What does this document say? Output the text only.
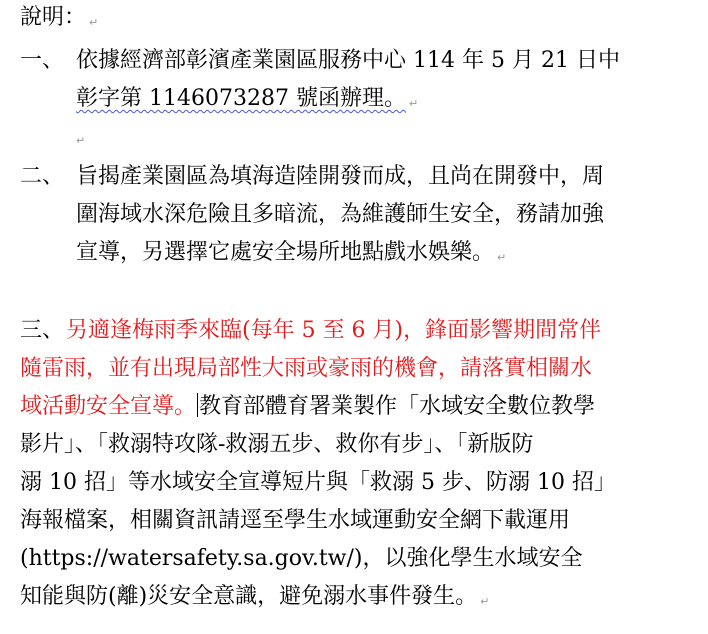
說明： ↵
一、 依據經濟部彰濱產業園區服務中心 114 年 5 月 21 日中
彰字第 1146073287 號函辦理。 ↵
↵
二、 旨揭產業園區為填海造陸開發而成，且尚在開發中，周
圍海域水深危險且多暗流，為維護師生安全，務請加強
宣導，另選擇它處安全場所地點戲水娛樂。 ↵
三、 另適逢梅雨季來臨(每年 5 至 6 月)，鋒面影響期間常伴
隨雷雨，並有出現局部性大雨或豪雨的機會，請落實相關水
域活動安全宣導。 教育部體育署業製作「水域安全數位教學
影片」、「救溺特攻隊-救溺五步、救你有步」、「新版防
溺 10 招」等水域安全宣導短片與「救溺 5 步、防溺 10 招」
海報檔案，相關資訊請逕至學生水域運動安全網下載運用
(https://watersafety.sa.gov.tw/)，以強化學生水域安全
知能與防(離)災安全意識，避免溺水事件發生。 ↵
